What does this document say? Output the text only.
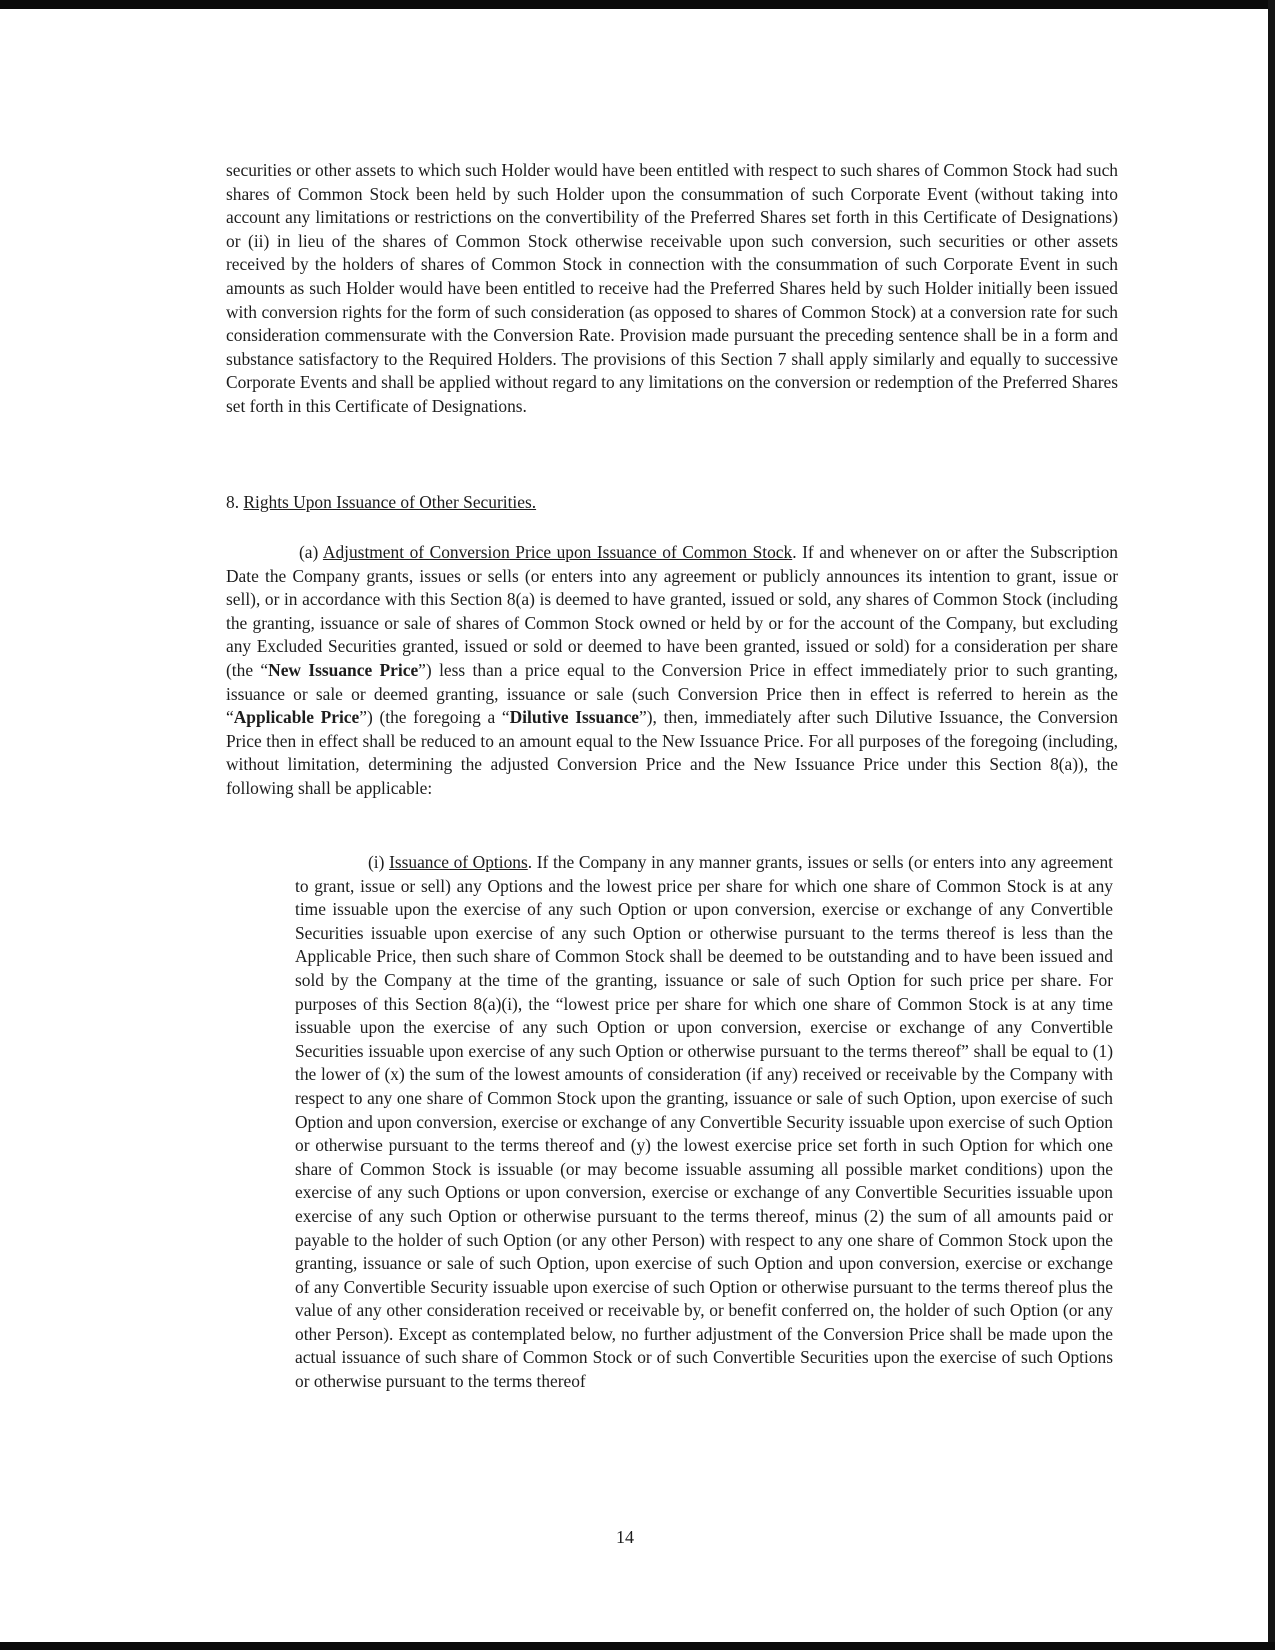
securities or other assets to which such Holder would have been entitled with respect to such shares of Common Stock had such shares of Common Stock been held by such Holder upon the consummation of such Corporate Event (without taking into account any limitations or restrictions on the convertibility of the Preferred Shares set forth in this Certificate of Designations) or (ii) in lieu of the shares of Common Stock otherwise receivable upon such conversion, such securities or other assets received by the holders of shares of Common Stock in connection with the consummation of such Corporate Event in such amounts as such Holder would have been entitled to receive had the Preferred Shares held by such Holder initially been issued with conversion rights for the form of such consideration (as opposed to shares of Common Stock) at a conversion rate for such consideration commensurate with the Conversion Rate. Provision made pursuant the preceding sentence shall be in a form and substance satisfactory to the Required Holders. The provisions of this Section 7 shall apply similarly and equally to successive Corporate Events and shall be applied without regard to any limitations on the conversion or redemption of the Preferred Shares set forth in this Certificate of Designations.
8. Rights Upon Issuance of Other Securities.
(a) Adjustment of Conversion Price upon Issuance of Common Stock. If and whenever on or after the Subscription Date the Company grants, issues or sells (or enters into any agreement or publicly announces its intention to grant, issue or sell), or in accordance with this Section 8(a) is deemed to have granted, issued or sold, any shares of Common Stock (including the granting, issuance or sale of shares of Common Stock owned or held by or for the account of the Company, but excluding any Excluded Securities granted, issued or sold or deemed to have been granted, issued or sold) for a consideration per share (the “New Issuance Price”) less than a price equal to the Conversion Price in effect immediately prior to such granting, issuance or sale or deemed granting, issuance or sale (such Conversion Price then in effect is referred to herein as the “Applicable Price”) (the foregoing a “Dilutive Issuance”), then, immediately after such Dilutive Issuance, the Conversion Price then in effect shall be reduced to an amount equal to the New Issuance Price. For all purposes of the foregoing (including, without limitation, determining the adjusted Conversion Price and the New Issuance Price under this Section 8(a)), the following shall be applicable:
(i) Issuance of Options. If the Company in any manner grants, issues or sells (or enters into any agreement to grant, issue or sell) any Options and the lowest price per share for which one share of Common Stock is at any time issuable upon the exercise of any such Option or upon conversion, exercise or exchange of any Convertible Securities issuable upon exercise of any such Option or otherwise pursuant to the terms thereof is less than the Applicable Price, then such share of Common Stock shall be deemed to be outstanding and to have been issued and sold by the Company at the time of the granting, issuance or sale of such Option for such price per share. For purposes of this Section 8(a)(i), the “lowest price per share for which one share of Common Stock is at any time issuable upon the exercise of any such Option or upon conversion, exercise or exchange of any Convertible Securities issuable upon exercise of any such Option or otherwise pursuant to the terms thereof” shall be equal to (1) the lower of (x) the sum of the lowest amounts of consideration (if any) received or receivable by the Company with respect to any one share of Common Stock upon the granting, issuance or sale of such Option, upon exercise of such Option and upon conversion, exercise or exchange of any Convertible Security issuable upon exercise of such Option or otherwise pursuant to the terms thereof and (y) the lowest exercise price set forth in such Option for which one share of Common Stock is issuable (or may become issuable assuming all possible market conditions) upon the exercise of any such Options or upon conversion, exercise or exchange of any Convertible Securities issuable upon exercise of any such Option or otherwise pursuant to the terms thereof, minus (2) the sum of all amounts paid or payable to the holder of such Option (or any other Person) with respect to any one share of Common Stock upon the granting, issuance or sale of such Option, upon exercise of such Option and upon conversion, exercise or exchange of any Convertible Security issuable upon exercise of such Option or otherwise pursuant to the terms thereof plus the value of any other consideration received or receivable by, or benefit conferred on, the holder of such Option (or any other Person). Except as contemplated below, no further adjustment of the Conversion Price shall be made upon the actual issuance of such share of Common Stock or of such Convertible Securities upon the exercise of such Options or otherwise pursuant to the terms thereof
14
